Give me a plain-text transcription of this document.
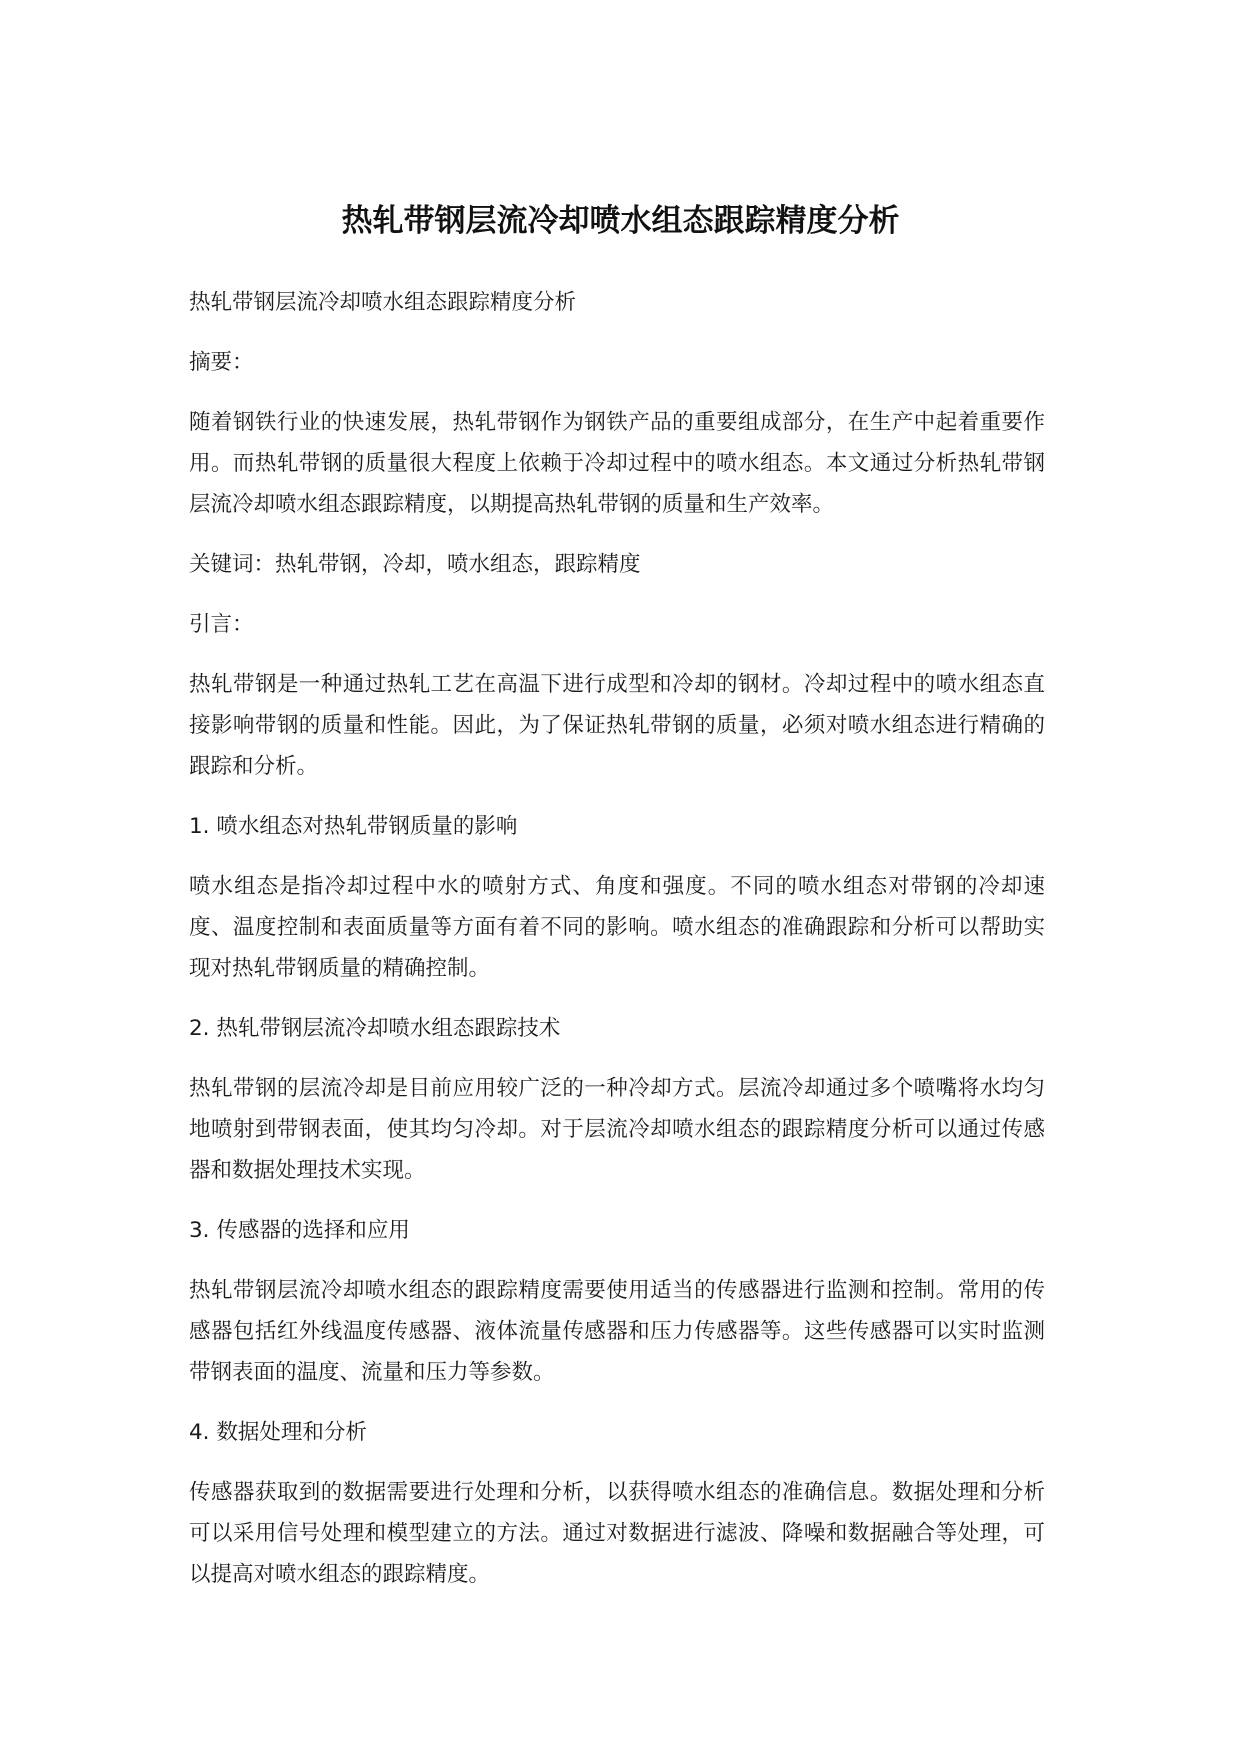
热轧带钢层流冷却喷水组态跟踪精度分析

热轧带钢层流冷却喷水组态跟踪精度分析

摘要：

随着钢铁行业的快速发展，热轧带钢作为钢铁产品的重要组成部分，在生产中起着重要作用。而热轧带钢的质量很大程度上依赖于冷却过程中的喷水组态。本文通过分析热轧带钢层流冷却喷水组态跟踪精度，以期提高热轧带钢的质量和生产效率。

关键词：热轧带钢，冷却，喷水组态，跟踪精度

引言：

热轧带钢是一种通过热轧工艺在高温下进行成型和冷却的钢材。冷却过程中的喷水组态直接影响带钢的质量和性能。因此，为了保证热轧带钢的质量，必须对喷水组态进行精确的跟踪和分析。

1. 喷水组态对热轧带钢质量的影响

喷水组态是指冷却过程中水的喷射方式、角度和强度。不同的喷水组态对带钢的冷却速度、温度控制和表面质量等方面有着不同的影响。喷水组态的准确跟踪和分析可以帮助实现对热轧带钢质量的精确控制。

2. 热轧带钢层流冷却喷水组态跟踪技术

热轧带钢的层流冷却是目前应用较广泛的一种冷却方式。层流冷却通过多个喷嘴将水均匀地喷射到带钢表面，使其均匀冷却。对于层流冷却喷水组态的跟踪精度分析可以通过传感器和数据处理技术实现。

3. 传感器的选择和应用

热轧带钢层流冷却喷水组态的跟踪精度需要使用适当的传感器进行监测和控制。常用的传感器包括红外线温度传感器、液体流量传感器和压力传感器等。这些传感器可以实时监测带钢表面的温度、流量和压力等参数。

4. 数据处理和分析

传感器获取到的数据需要进行处理和分析，以获得喷水组态的准确信息。数据处理和分析可以采用信号处理和模型建立的方法。通过对数据进行滤波、降噪和数据融合等处理，可以提高对喷水组态的跟踪精度。
